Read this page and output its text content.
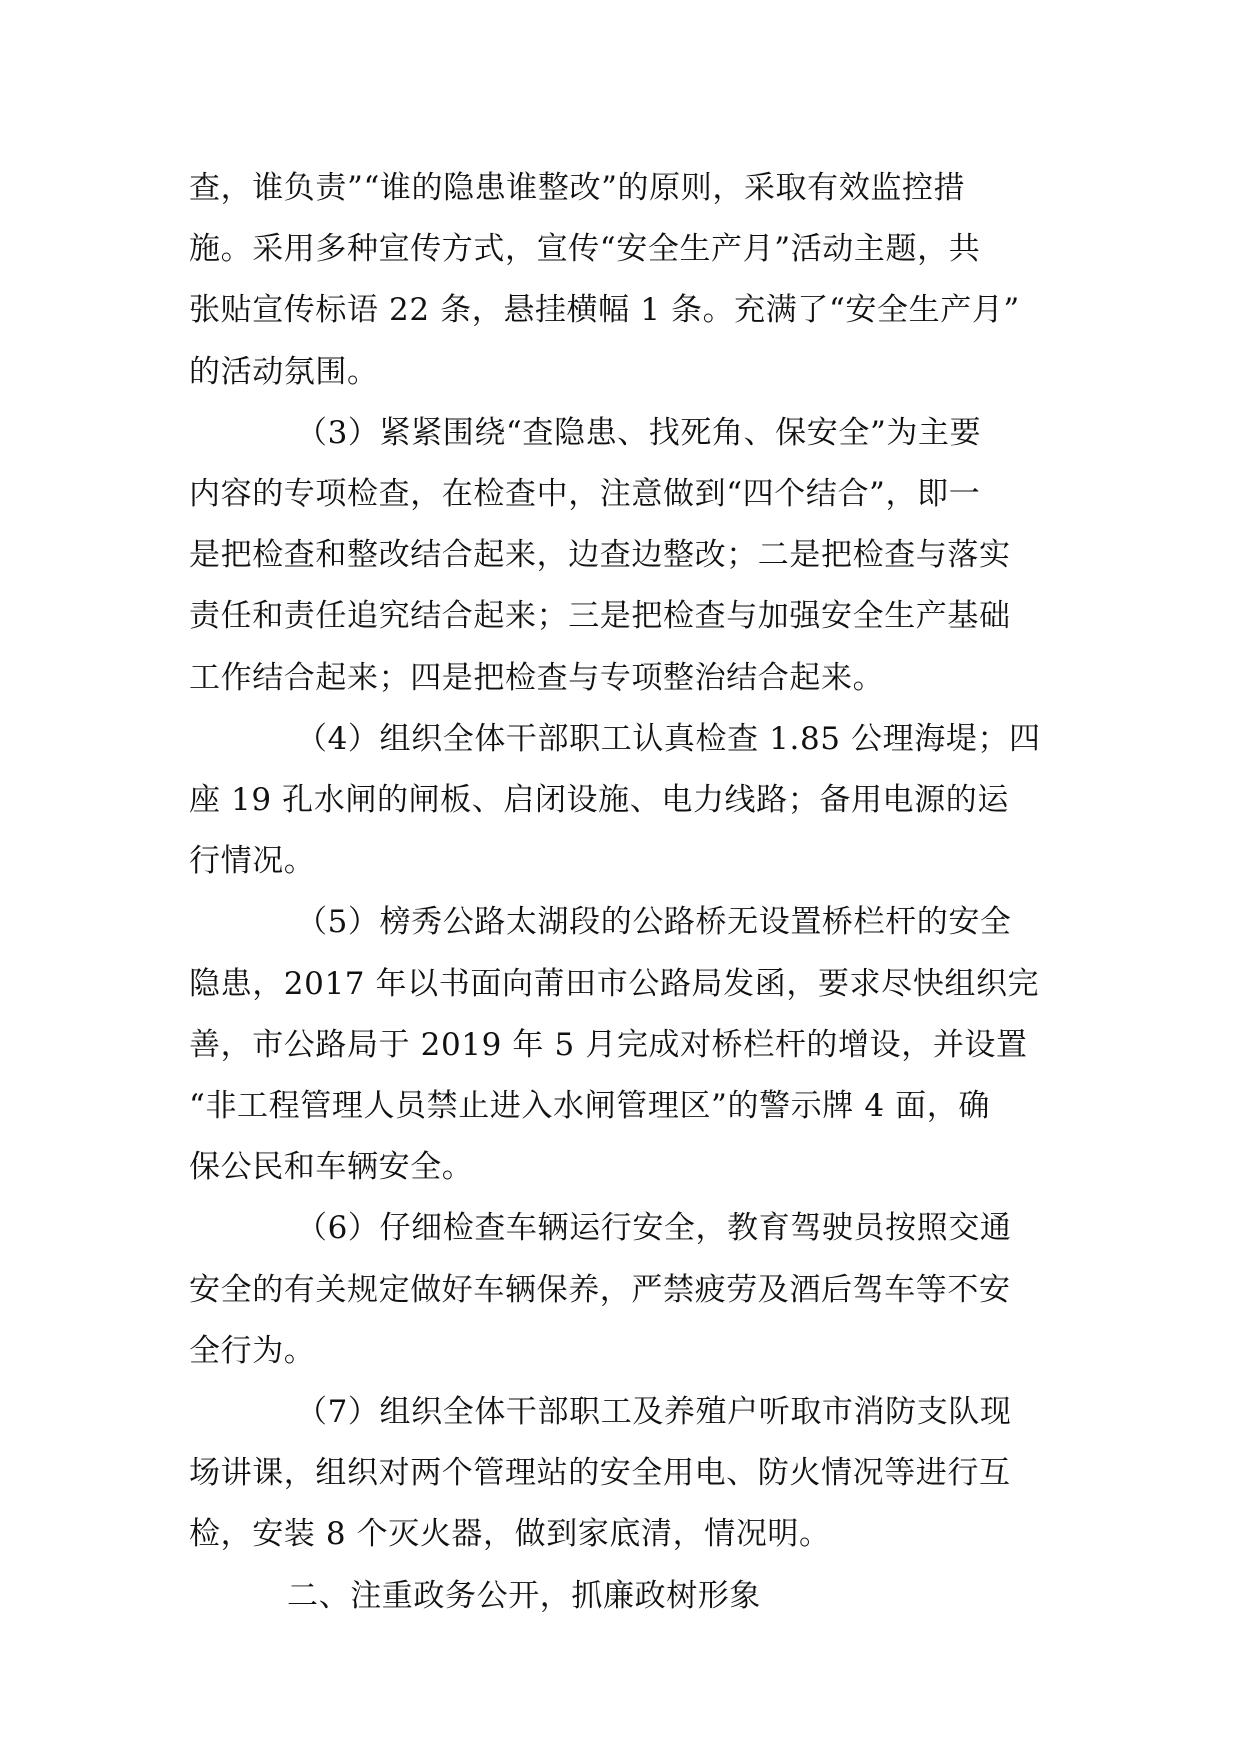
查，谁负责”“谁的隐患谁整改”的原则，采取有效监控措
施。采用多种宣传方式，宣传“安全生产月”活动主题，共
张贴宣传标语 22 条，悬挂横幅 1 条。充满了“安全生产月”
的活动氛围。

（3）紧紧围绕“查隐患、找死角、保安全”为主要
内容的专项检查，在检查中，注意做到“四个结合”，即一
是把检查和整改结合起来，边查边整改；二是把检查与落实
责任和责任追究结合起来；三是把检查与加强安全生产基础
工作结合起来；四是把检查与专项整治结合起来。

（4）组织全体干部职工认真检查 1.85 公理海堤；四
座 19 孔水闸的闸板、启闭设施、电力线路；备用电源的运
行情况。

（5）榜秀公路太湖段的公路桥无设置桥栏杆的安全
隐患，2017 年以书面向莆田市公路局发函，要求尽快组织完
善，市公路局于 2019 年 5 月完成对桥栏杆的增设，并设置
“非工程管理人员禁止进入水闸管理区”的警示牌 4 面，确
保公民和车辆安全。

（6）仔细检查车辆运行安全，教育驾驶员按照交通
安全的有关规定做好车辆保养，严禁疲劳及酒后驾车等不安
全行为。

（7）组织全体干部职工及养殖户听取市消防支队现
场讲课，组织对两个管理站的安全用电、防火情况等进行互
检，安装 8 个灭火器，做到家底清，情况明。

二、注重政务公开，抓廉政树形象
